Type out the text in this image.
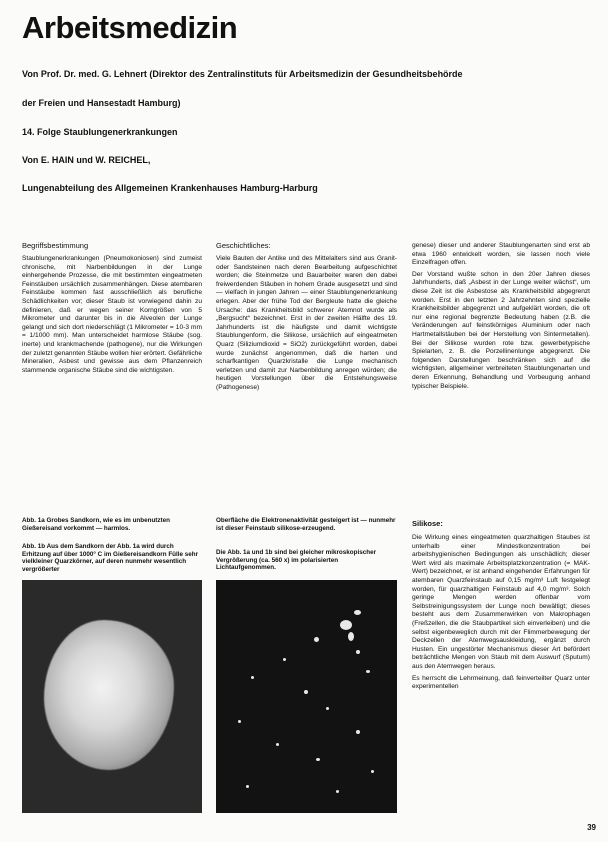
Arbeitsmedizin
Von Prof. Dr. med. G. Lehnert (Direktor des Zentralinstituts für Arbeitsmedizin der Gesundheitsbehörde
der Freien und Hansestadt Hamburg)
14. Folge Staublungenerkrankungen
Von E. HAIN und W. REICHEL,
Lungenabteilung des Allgemeinen Krankenhauses Hamburg-Harburg
Begriffsbestimmung

Staublungenerkrankungen (Pneumokoniosen) sind zumeist chronische, mit Narbenbildungen in der Lunge einhergehende Prozesse, die mit bestimmten eingeatmeten Feinstäuben ursächlich zusammenhängen. Diese atembaren Feinstäube kommen fast ausschließlich als berufliche Schädlichkeiten vor; dieser Staub ist vorwiegend dahin zu definieren, daß er wegen seiner Korngrößen von 5 Mikrometer und darunter bis in die Alveolen der Lunge gelangt und sich dort niederschlägt (1 Mikrometer = 10-3 mm = 1/1000 mm). Man unterscheidet harmlose Stäube (sog. inerte) und krankmachende (pathogene), nur die Wirkungen der zuletzt genannten Stäube wollen hier erörtert. Gefährliche Mineralien, Asbest und gewisse aus dem Pflanzenreich stammende organische Stäube sind die wichtigsten.

Geschichtliches:

Viele Bauten der Antike und des Mittelalters sind aus Granit- oder Sandsteinen nach deren Bearbeitung aufgeschichtet worden; die Steinmetze und Bauarbeiter waren den dabei freiwerdenden Stäuben in hohem Grade ausgesetzt und sind — vielfach in jungen Jahren — einer Staublungenerkrankung erlegen. Aber der frühe Tod der Bergleute hatte die gleiche Ursache: das Krankheitsbild schwerer Atemnot wurde als „Bergsucht“ bezeichnet. Erst in der zweiten Hälfte des 19. Jahrhunderts ist die häufigste und damit wichtigste Staublungenform, die Silikose, ursächlich auf eingeatmeten Quarz (Siliziumdioxid = SiO2) zurückgeführt worden, dabei wurde zunächst angenommen, daß die harten und scharfkantigen Quarzkristalle die Lunge mechanisch verletzen und damit zur Narbenbildung anregen würden; die heutigen Vorstellungen über die Entstehungsweise (Pathogenese)

genese) dieser und anderer Staublungenarten sind erst ab etwa 1960 entwickelt worden, sie lassen noch viele Einzelfragen offen.

Der Vorstand wußte schon in den 20er Jahren dieses Jahrhunderts, daß „Asbest in der Lunge weiter wächst“, um diese Zeit ist die Asbestose als Krankheitsbild abgegrenzt worden. Erst in den letzten 2 Jahrzehnten sind spezielle Krankheitsbilder abgegrenzt und aufgeklärt worden, die oft nur eine regional begrenzte Bedeutung haben (z.B. die Veränderungen auf feinstkörniges Aluminium oder nach Hartmetallstäuben bei der Herstellung von Sintermetallen). Bei der Silikose wurden rote bzw. gewerbetypische Spielarten, z. B. die Porzellinenlunge abgegrenzt. Die folgenden Darstellungen beschränken sich auf die wichtigsten, allgemeiner verbreiteten Staublungenarten und deren Erkennung, Behandlung und Vorbeugung anhand typischer Beispiele.

Silikose:

Die Wirkung eines eingeatmeten quarzhaltigen Staubes ist unterhalb einer Mindestkonzentration bei arbeitshygienischen Bedingungen als unschädlich; dieser Wert wird als maximale Arbeitsplatzkonzentration (= MAK-Wert) bezeichnet, er ist anhand eingehender Erfahrungen für atembaren Quarzfeinstaub auf 0,15 mg/m³ Luft festgelegt worden, für quarzhaltigen Feinstaub auf 4,0 mg/m³. Solch geringe Mengen werden offenbar vom Selbstreinigungssystem der Lunge noch bewältigt; dieses besteht aus dem Zusammenwirken von Makrophagen (Freßzellen, die die Staubpartikel sich einverleiben) und die selbst eigenbeweglich durch mit der Flimmerbewegung der Deckzellen der Atemwegsauskleidung, ergänzt durch Husten. Ein ungestörter Mechanismus dieser Art befördert beträchtliche Mengen von Staub mit dem Auswurf (Sputum) aus den Atemwegen heraus.

Es herrscht die Lehrmeinung, daß feinverteilter Quarz unter experimentellen

Abb. 1a Grobes Sandkorn, wie es im unbenutzten Gießereisand vorkommt — harmlos.
Abb. 1b Aus dem Sandkorn der Abb. 1a wird durch Erhitzung auf über 1000° C im Gießereisandkorn Fülle sehr vielkleiner Quarzkörner, auf deren nunmehr wesentlich vergrößerter
Oberfläche die Elektronenaktivität gesteigert ist — nunmehr ist dieser Feinstaub silikose-erzeugend.
Die Abb. 1a und 1b sind bei gleicher mikroskopischer Vergrößerung (ca. 560 x) im polarisierten Lichtaufgenommen.
39
